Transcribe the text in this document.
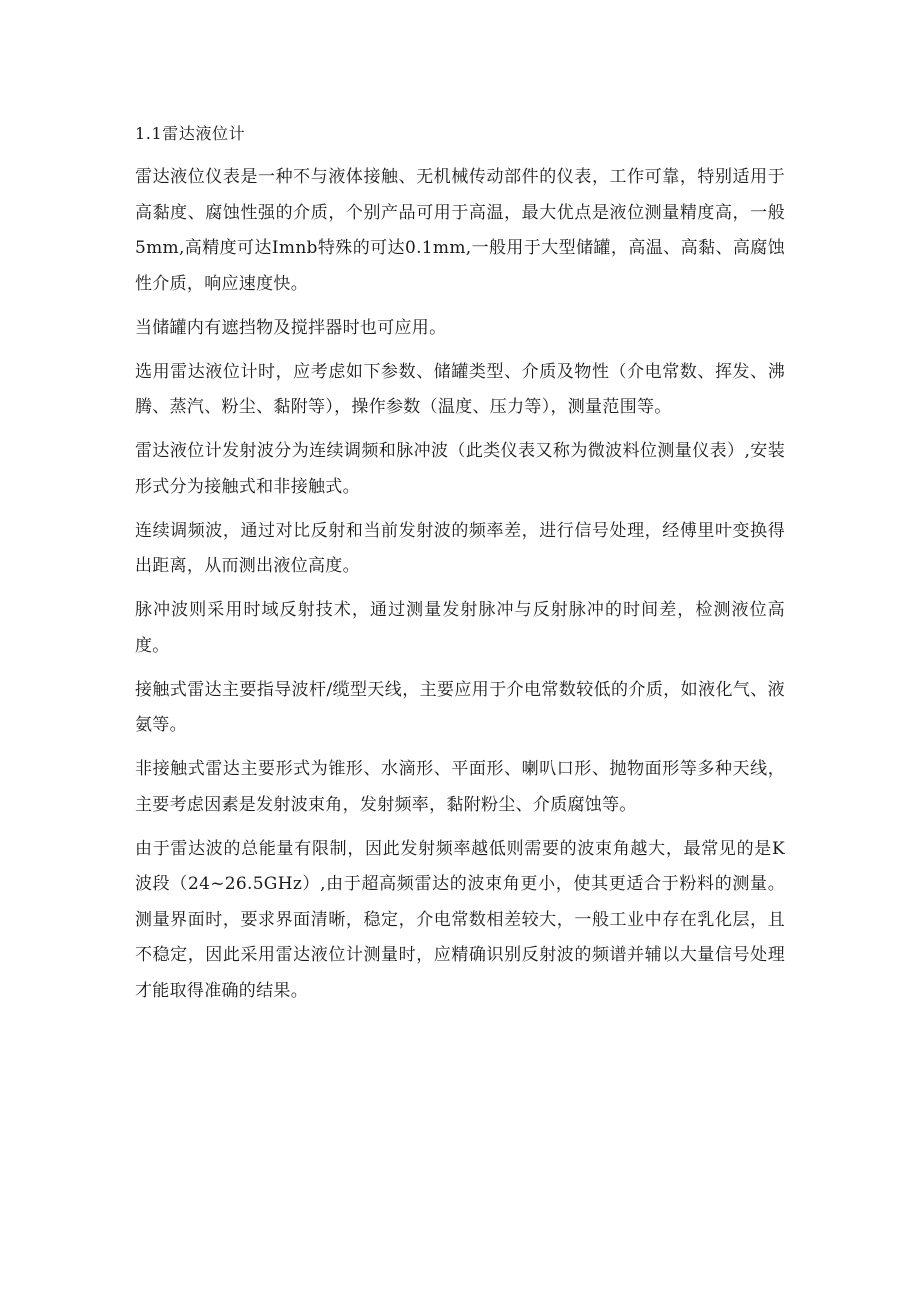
1.1雷达液位计

雷达液位仪表是一种不与液体接触、无机械传动部件的仪表，工作可靠，特别适用于高黏度、腐蚀性强的介质，个别产品可用于高温，最大优点是液位测量精度高，一般5mm,高精度可达Imnb特殊的可达0.1mm,一般用于大型储罐，高温、高黏、高腐蚀性介质，响应速度快。

当储罐内有遮挡物及搅拌器时也可应用。

选用雷达液位计时，应考虑如下参数、储罐类型、介质及物性（介电常数、挥发、沸腾、蒸汽、粉尘、黏附等），操作参数（温度、压力等），测量范围等。

雷达液位计发射波分为连续调频和脉冲波（此类仪表又称为微波料位测量仪表）,安装形式分为接触式和非接触式。

连续调频波，通过对比反射和当前发射波的频率差，进行信号处理，经傅里叶变换得出距离，从而测出液位高度。

脉冲波则采用时域反射技术，通过测量发射脉冲与反射脉冲的时间差，检测液位高度。

接触式雷达主要指导波杆/缆型天线，主要应用于介电常数较低的介质，如液化气、液氨等。

非接触式雷达主要形式为锥形、水滴形、平面形、喇叭口形、抛物面形等多种天线，主要考虑因素是发射波束角，发射频率，黏附粉尘、介质腐蚀等。

由于雷达波的总能量有限制，因此发射频率越低则需要的波束角越大，最常见的是K波段（24~26.5GHz）,由于超高频雷达的波束角更小，使其更适合于粉料的测量。测量界面时，要求界面清晰，稳定，介电常数相差较大，一般工业中存在乳化层，且不稳定，因此采用雷达液位计测量时，应精确识别反射波的频谱并辅以大量信号处理才能取得准确的结果。
